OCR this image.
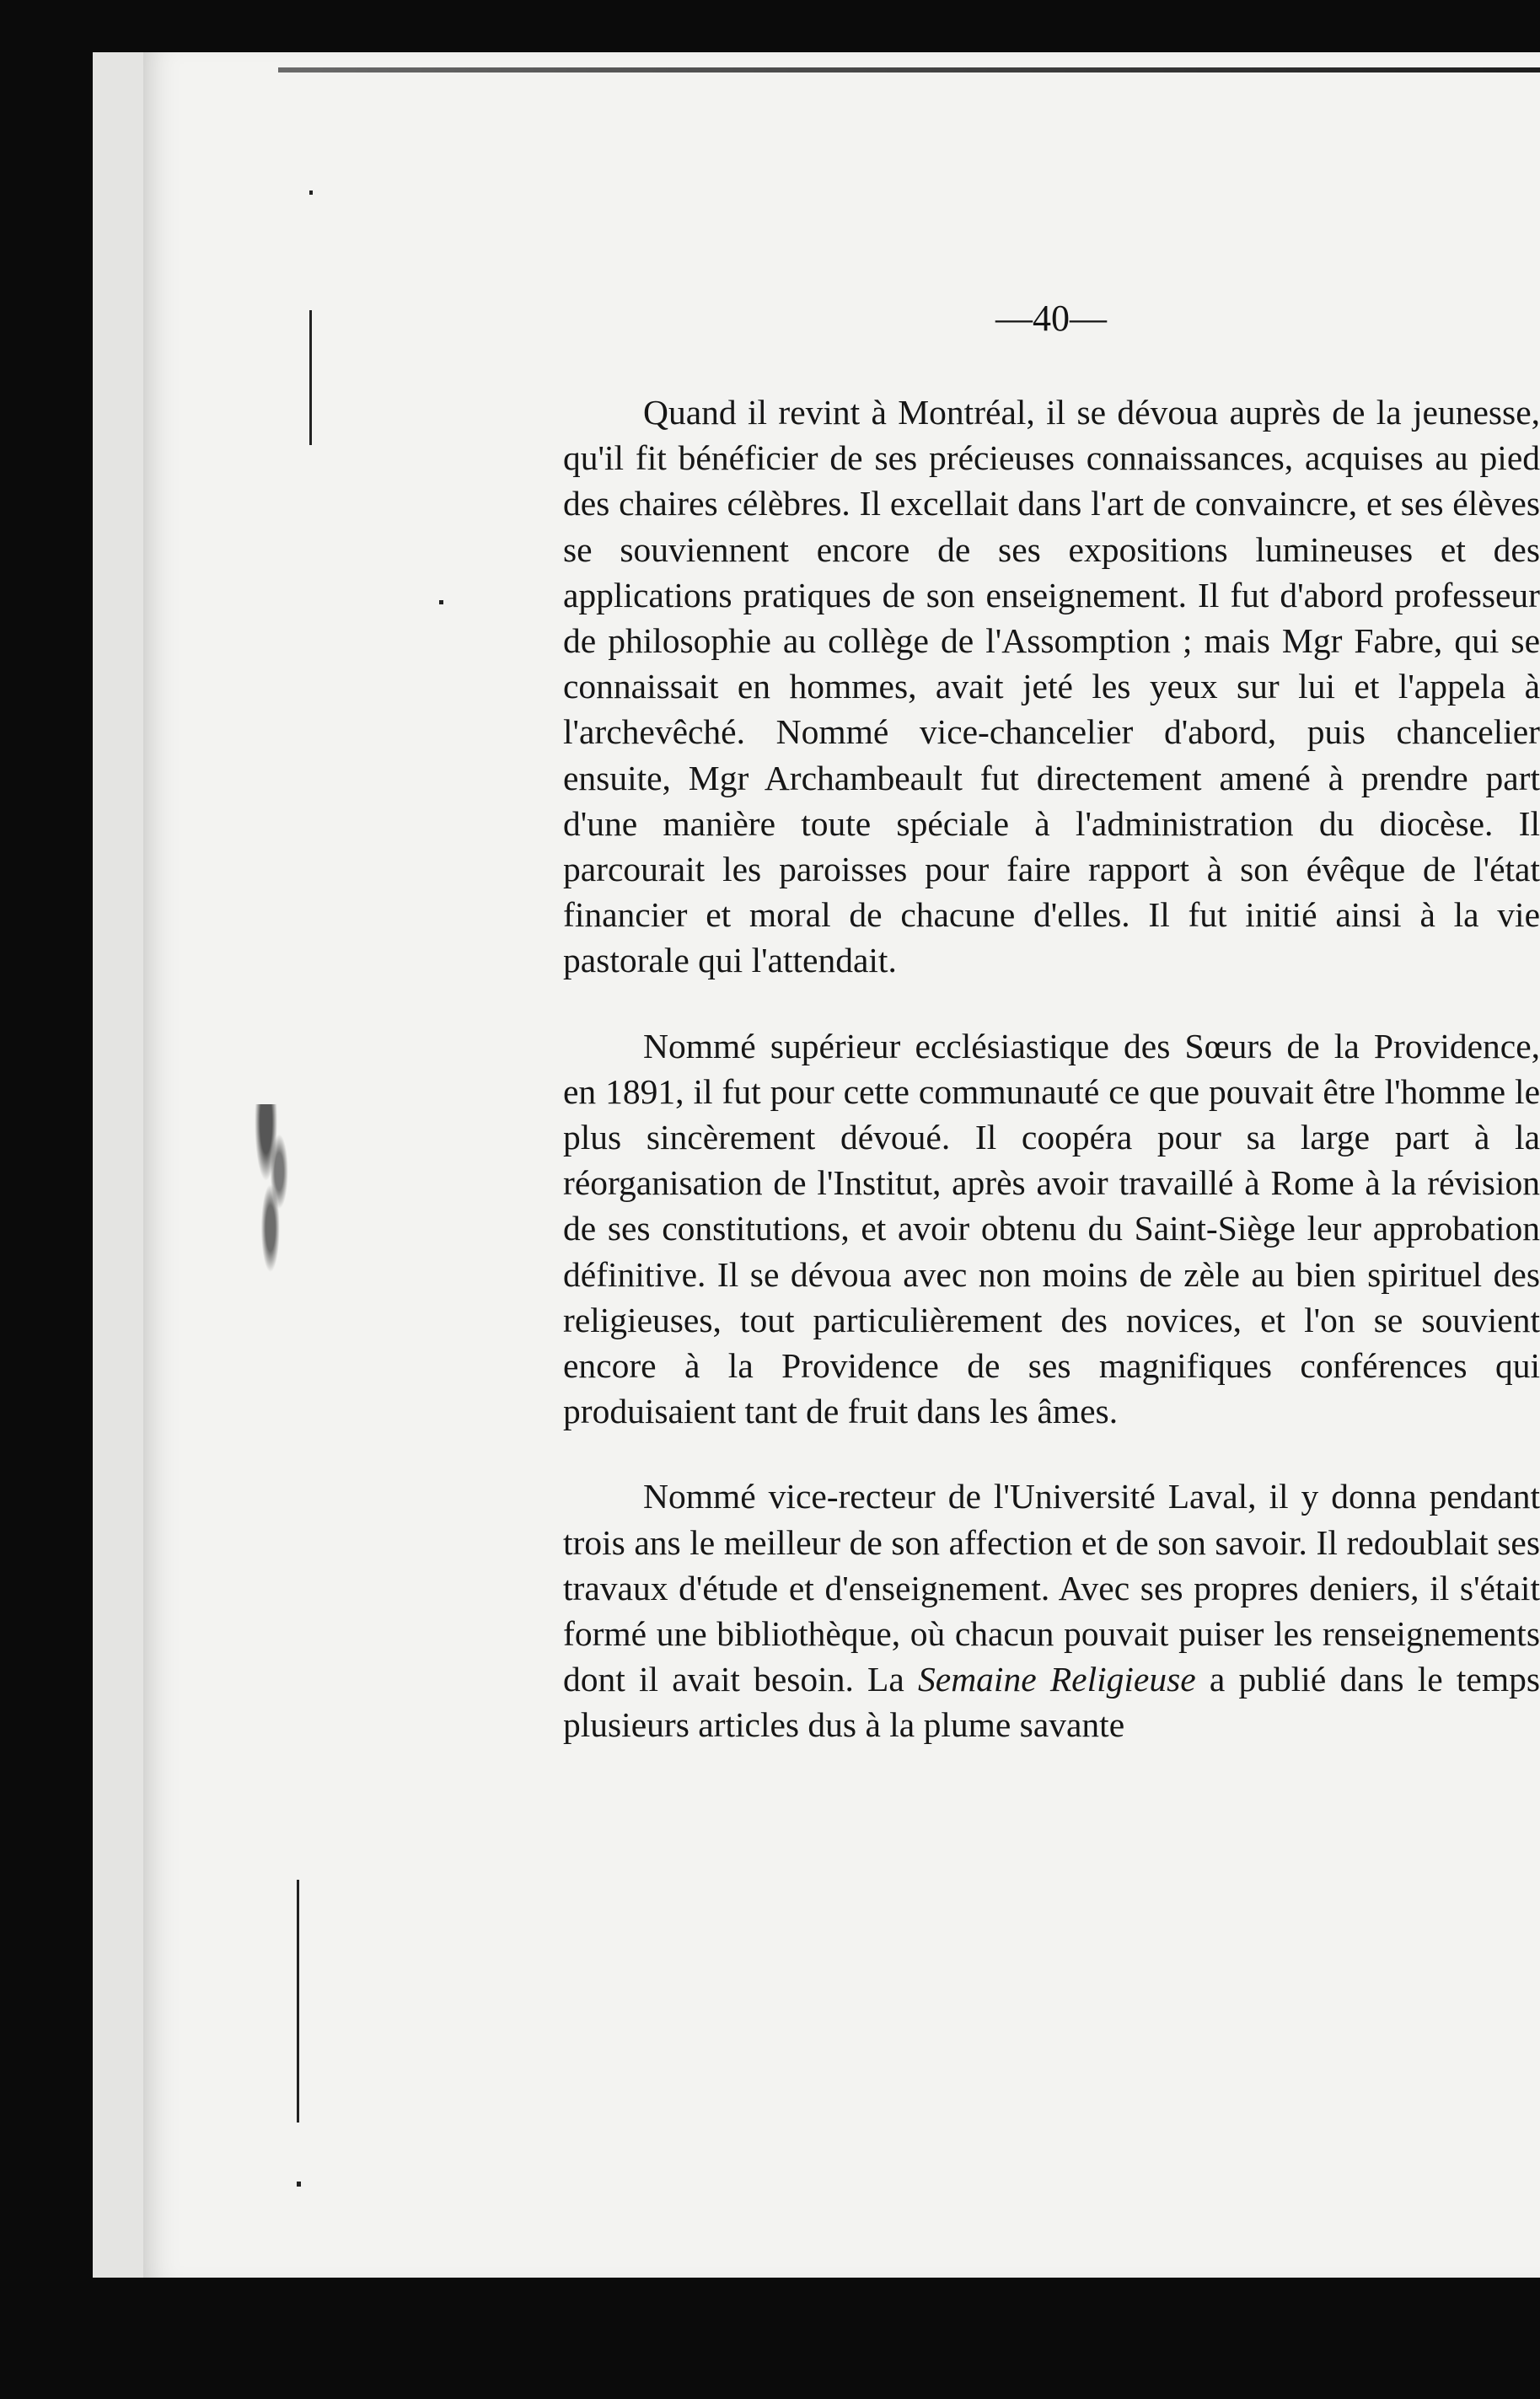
—40—

Quand il revint à Montréal, il se dévoua auprès de la jeunesse, qu'il fit bénéficier de ses précieuses connaissances, acquises au pied des chaires célèbres. Il excellait dans l'art de convaincre, et ses élèves se souviennent encore de ses expositions lumineuses et des applications pratiques de son enseignement. Il fut d'abord professeur de philosophie au collège de l'Assomption ; mais Mgr Fabre, qui se connaissait en hommes, avait jeté les yeux sur lui et l'appela à l'archevêché. Nommé vice-chancelier d'abord, puis chancelier ensuite, Mgr Archambeault fut directement amené à prendre part d'une manière toute spéciale à l'administration du diocèse. Il parcourait les paroisses pour faire rapport à son évêque de l'état financier et moral de chacune d'elles. Il fut initié ainsi à la vie pastorale qui l'attendait.

Nommé supérieur ecclésiastique des Sœurs de la Providence, en 1891, il fut pour cette communauté ce que pouvait être l'homme le plus sincèrement dévoué. Il coopéra pour sa large part à la réorganisation de l'Institut, après avoir travaillé à Rome à la révision de ses constitutions, et avoir obtenu du Saint-Siège leur approbation définitive. Il se dévoua avec non moins de zèle au bien spirituel des religieuses, tout particulièrement des novices, et l'on se souvient encore à la Providence de ses magnifiques conférences qui produisaient tant de fruit dans les âmes.

Nommé vice-recteur de l'Université Laval, il y donna pendant trois ans le meilleur de son affection et de son savoir. Il redoublait ses travaux d'étude et d'enseignement. Avec ses propres deniers, il s'était formé une bibliothèque, où chacun pouvait puiser les renseignements dont il avait besoin. La Semaine Religieuse a publié dans le temps plusieurs articles dus à la plume savante
